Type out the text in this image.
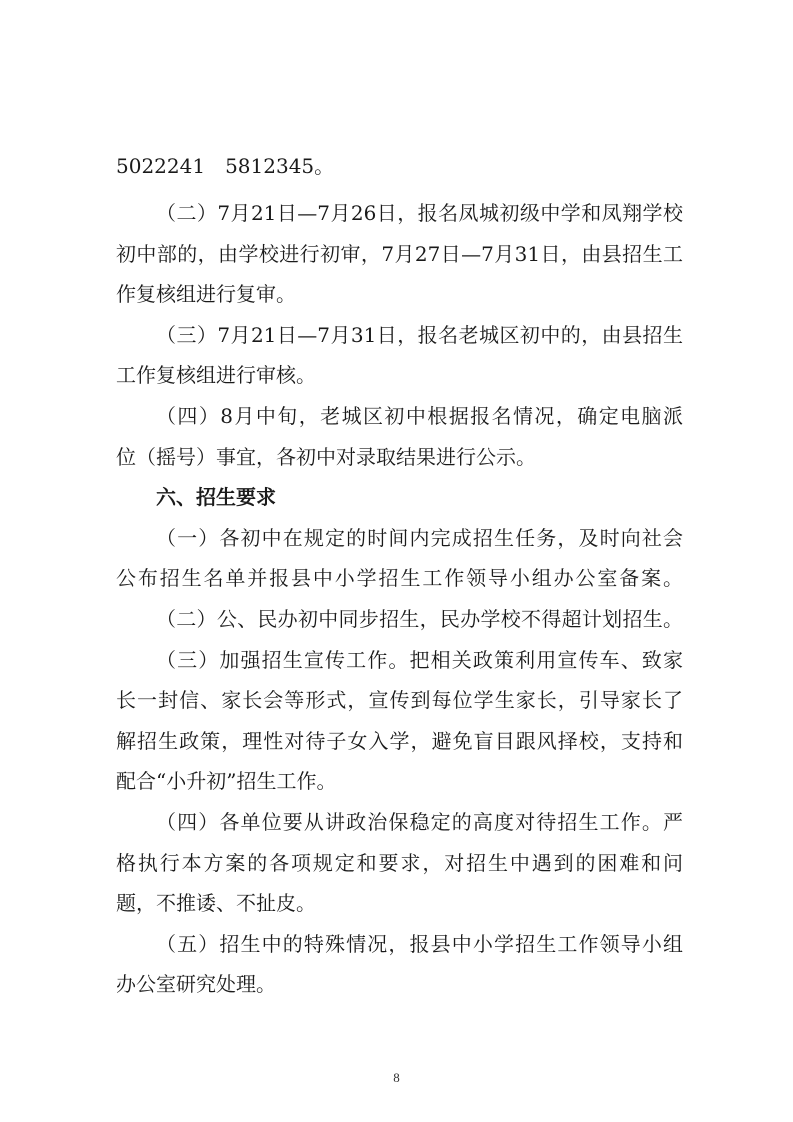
5022241　5812345。

（二）7月21日—7月26日，报名凤城初级中学和凤翔学校

初中部的，由学校进行初审，7月27日—7月31日，由县招生工

作复核组进行复审。

（三）7月21日—7月31日，报名老城区初中的，由县招生

工作复核组进行审核。

（四）8月中旬，老城区初中根据报名情况，确定电脑派

位（摇号）事宜，各初中对录取结果进行公示。

六、招生要求

（一）各初中在规定的时间内完成招生任务，及时向社会

公布招生名单并报县中小学招生工作领导小组办公室备案。

（二）公、民办初中同步招生，民办学校不得超计划招生。

（三）加强招生宣传工作。把相关政策利用宣传车、致家

长一封信、家长会等形式，宣传到每位学生家长，引导家长了

解招生政策，理性对待子女入学，避免盲目跟风择校，支持和

配合“小升初”招生工作。

（四）各单位要从讲政治保稳定的高度对待招生工作。严

格执行本方案的各项规定和要求，对招生中遇到的困难和问

题，不推诿、不扯皮。

（五）招生中的特殊情况，报县中小学招生工作领导小组

办公室研究处理。

8
